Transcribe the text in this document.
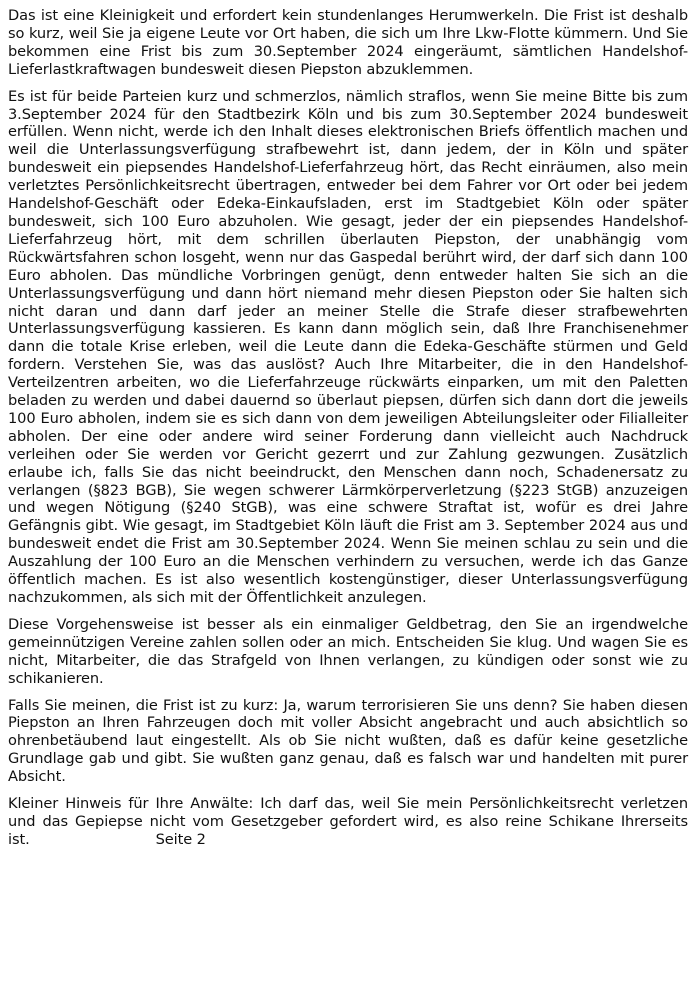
Das ist eine Kleinigkeit und erfordert kein stundenlanges Herumwerkeln. Die Frist ist deshalb so kurz, weil Sie ja eigene Leute vor Ort haben, die sich um Ihre Lkw-Flotte kümmern. Und Sie bekommen eine Frist bis zum 30.September 2024 eingeräumt, sämtlichen Handelshof-Lieferlastkraftwagen bundesweit diesen Piepston abzuklemmen.

Es ist für beide Parteien kurz und schmerzlos, nämlich straflos, wenn Sie meine Bitte bis zum 3.September 2024 für den Stadtbezirk Köln und bis zum 30.September 2024 bundesweit erfüllen. Wenn nicht, werde ich den Inhalt dieses elektronischen Briefs öffentlich machen und weil die Unterlassungsverfügung strafbewehrt ist, dann jedem, der in Köln und später bundesweit ein piepsendes Handelshof-Lieferfahrzeug hört, das Recht einräumen, also mein verletztes Persönlichkeitsrecht übertragen, entweder bei dem Fahrer vor Ort oder bei jedem Handelshof-Geschäft oder Edeka-Einkaufsladen, erst im Stadtgebiet Köln oder später bundesweit, sich 100 Euro abzuholen. Wie gesagt, jeder der ein piepsendes Handelshof-Lieferfahrzeug hört, mit dem schrillen überlauten Piepston, der unabhängig vom Rückwärtsfahren schon losgeht, wenn nur das Gaspedal berührt wird, der darf sich dann 100 Euro abholen. Das mündliche Vorbringen genügt, denn entweder halten Sie sich an die Unterlassungsverfügung und dann hört niemand mehr diesen Piepston oder Sie halten sich nicht daran und dann darf jeder an meiner Stelle die Strafe dieser strafbewehrten Unterlassungsverfügung kassieren. Es kann dann möglich sein, daß Ihre Franchisenehmer dann die totale Krise erleben, weil die Leute dann die Edeka-Geschäfte stürmen und Geld fordern. Verstehen Sie, was das auslöst? Auch Ihre Mitarbeiter, die in den Handelshof-Verteilzentren arbeiten, wo die Lieferfahrzeuge rückwärts einparken, um mit den Paletten beladen zu werden und dabei dauernd so überlaut piepsen, dürfen sich dann dort die jeweils 100 Euro abholen, indem sie es sich dann von dem jeweiligen Abteilungsleiter oder Filialleiter abholen. Der eine oder andere wird seiner Forderung dann vielleicht auch Nachdruck verleihen oder Sie werden vor Gericht gezerrt und zur Zahlung gezwungen. Zusätzlich erlaube ich, falls Sie das nicht beeindruckt, den Menschen dann noch, Schadenersatz zu verlangen (§823 BGB), Sie wegen schwerer Lärmkörperverletzung (§223 StGB) anzuzeigen und wegen Nötigung (§240 StGB), was eine schwere Straftat ist, wofür es drei Jahre Gefängnis gibt. Wie gesagt, im Stadtgebiet Köln läuft die Frist am 3. September 2024 aus und bundesweit endet die Frist am 30.September 2024. Wenn Sie meinen schlau zu sein und die Auszahlung der 100 Euro an die Menschen verhindern zu versuchen, werde ich das Ganze öffentlich machen. Es ist also wesentlich kostengünstiger, dieser Unterlassungsverfügung nachzukommen, als sich mit der Öffentlichkeit anzulegen.

Diese Vorgehensweise ist besser als ein einmaliger Geldbetrag, den Sie an irgendwelche gemeinnützigen Vereine zahlen sollen oder an mich. Entscheiden Sie klug. Und wagen Sie es nicht, Mitarbeiter, die das Strafgeld von Ihnen verlangen, zu kündigen oder sonst wie zu schikanieren.

Falls Sie meinen, die Frist ist zu kurz: Ja, warum terrorisieren Sie uns denn? Sie haben diesen Piepston an Ihren Fahrzeugen doch mit voller Absicht angebracht und auch absichtlich so ohrenbetäubend laut eingestellt. Als ob Sie nicht wußten, daß es dafür keine gesetzliche Grundlage gab und gibt. Sie wußten ganz genau, daß es falsch war und handelten mit purer Absicht.

Kleiner Hinweis für Ihre Anwälte: Ich darf das, weil Sie mein Persönlichkeitsrecht verletzen und das Gepiepse nicht vom Gesetzgeber gefordert wird, es also reine Schikane Ihrerseits ist.	Seite 2
